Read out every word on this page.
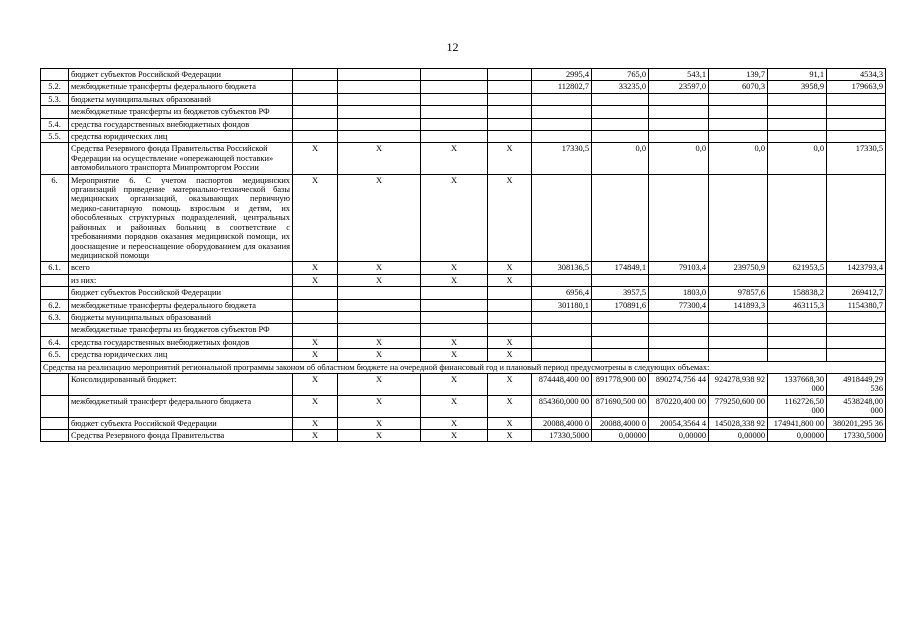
12
	бюджет субъектов Российской Федерации					2995,4	765,0	543,1	139,7	91,1	4534,3
5.2.	межбюджетные трансферты федерального бюджета					112802,7	33235,0	23597,0	6070,3	3958,9	179663,9
5.3.	бюджеты муниципальных образований										
	межбюджетные трансферты из бюджетов субъектов РФ										
5.4.	средства государственных внебюджетных фондов										
5.5.	средства юридических лиц										
	Средства Резервного фонда Правительства Российской Федерации на осуществление «опережающей поставки» автомобильного транспорта Минпромторгом России	X	X	X	X	17330,5	0,0	0,0	0,0	0,0	17330,5
6.	Мероприятие 6. С учетом паспортов медицинских организаций приведение материально-технической базы медицинских организаций, оказывающих первичную медико-санитарную помощь взрослым и детям, их обособленных структурных подразделений, центральных районных и районных больниц в соответствие с требованиями порядков оказания медицинской помощи, их дооснащение и переоснащение оборудованием для оказания медицинской помощи	X	X	X	X						
6.1.	всего	X	X	X	X	308136,5	174849,1	79103,4	239750,9	621953,5	1423793,4
	из них:	X	X	X	X						
	бюджет субъектов Российской Федерации					6956,4	3957,5	1803,0	97857,6	158838,2	269412,7
6.2.	межбюджетные трансферты федерального бюджета					301180,1	170891,6	77300,4	141893,3	463115,3	1154380,7
6.3.	бюджеты муниципальных образований										
	межбюджетные трансферты из бюджетов субъектов РФ										
6.4.	средства государственных внебюджетных фондов	X	X	X	X						
6.5.	средства юридических лиц	X	X	X	X						
Средства на реализацию мероприятий региональной программы законом об областном бюджете на очередной финансовый год и плановый период предусмотрены в следующих объемах:											
	Консолидированный бюджет:	X	X	X	X	874448,400 00	891778,900 00	890274,756 44	924278,938 92	1337668,30 000	4918449,29 536
	межбюджетный трансферт федерального бюджета	X	X	X	X	854360,000 00	871690,500 00	870220,400 00	779250,600 00	1162726,50 000	4538248,00 000
	бюджет субъекта Российской Федерации	X	X	X	X	20088,4000 0	20088,4000 0	20054,3564 4	145028,338 92	174941,800 00	380201,295 36
	Средства Резервного фонда Правительства	X	X	X	X	17330,5000	0,00000	0,00000	0,00000	0,00000	17330,5000
